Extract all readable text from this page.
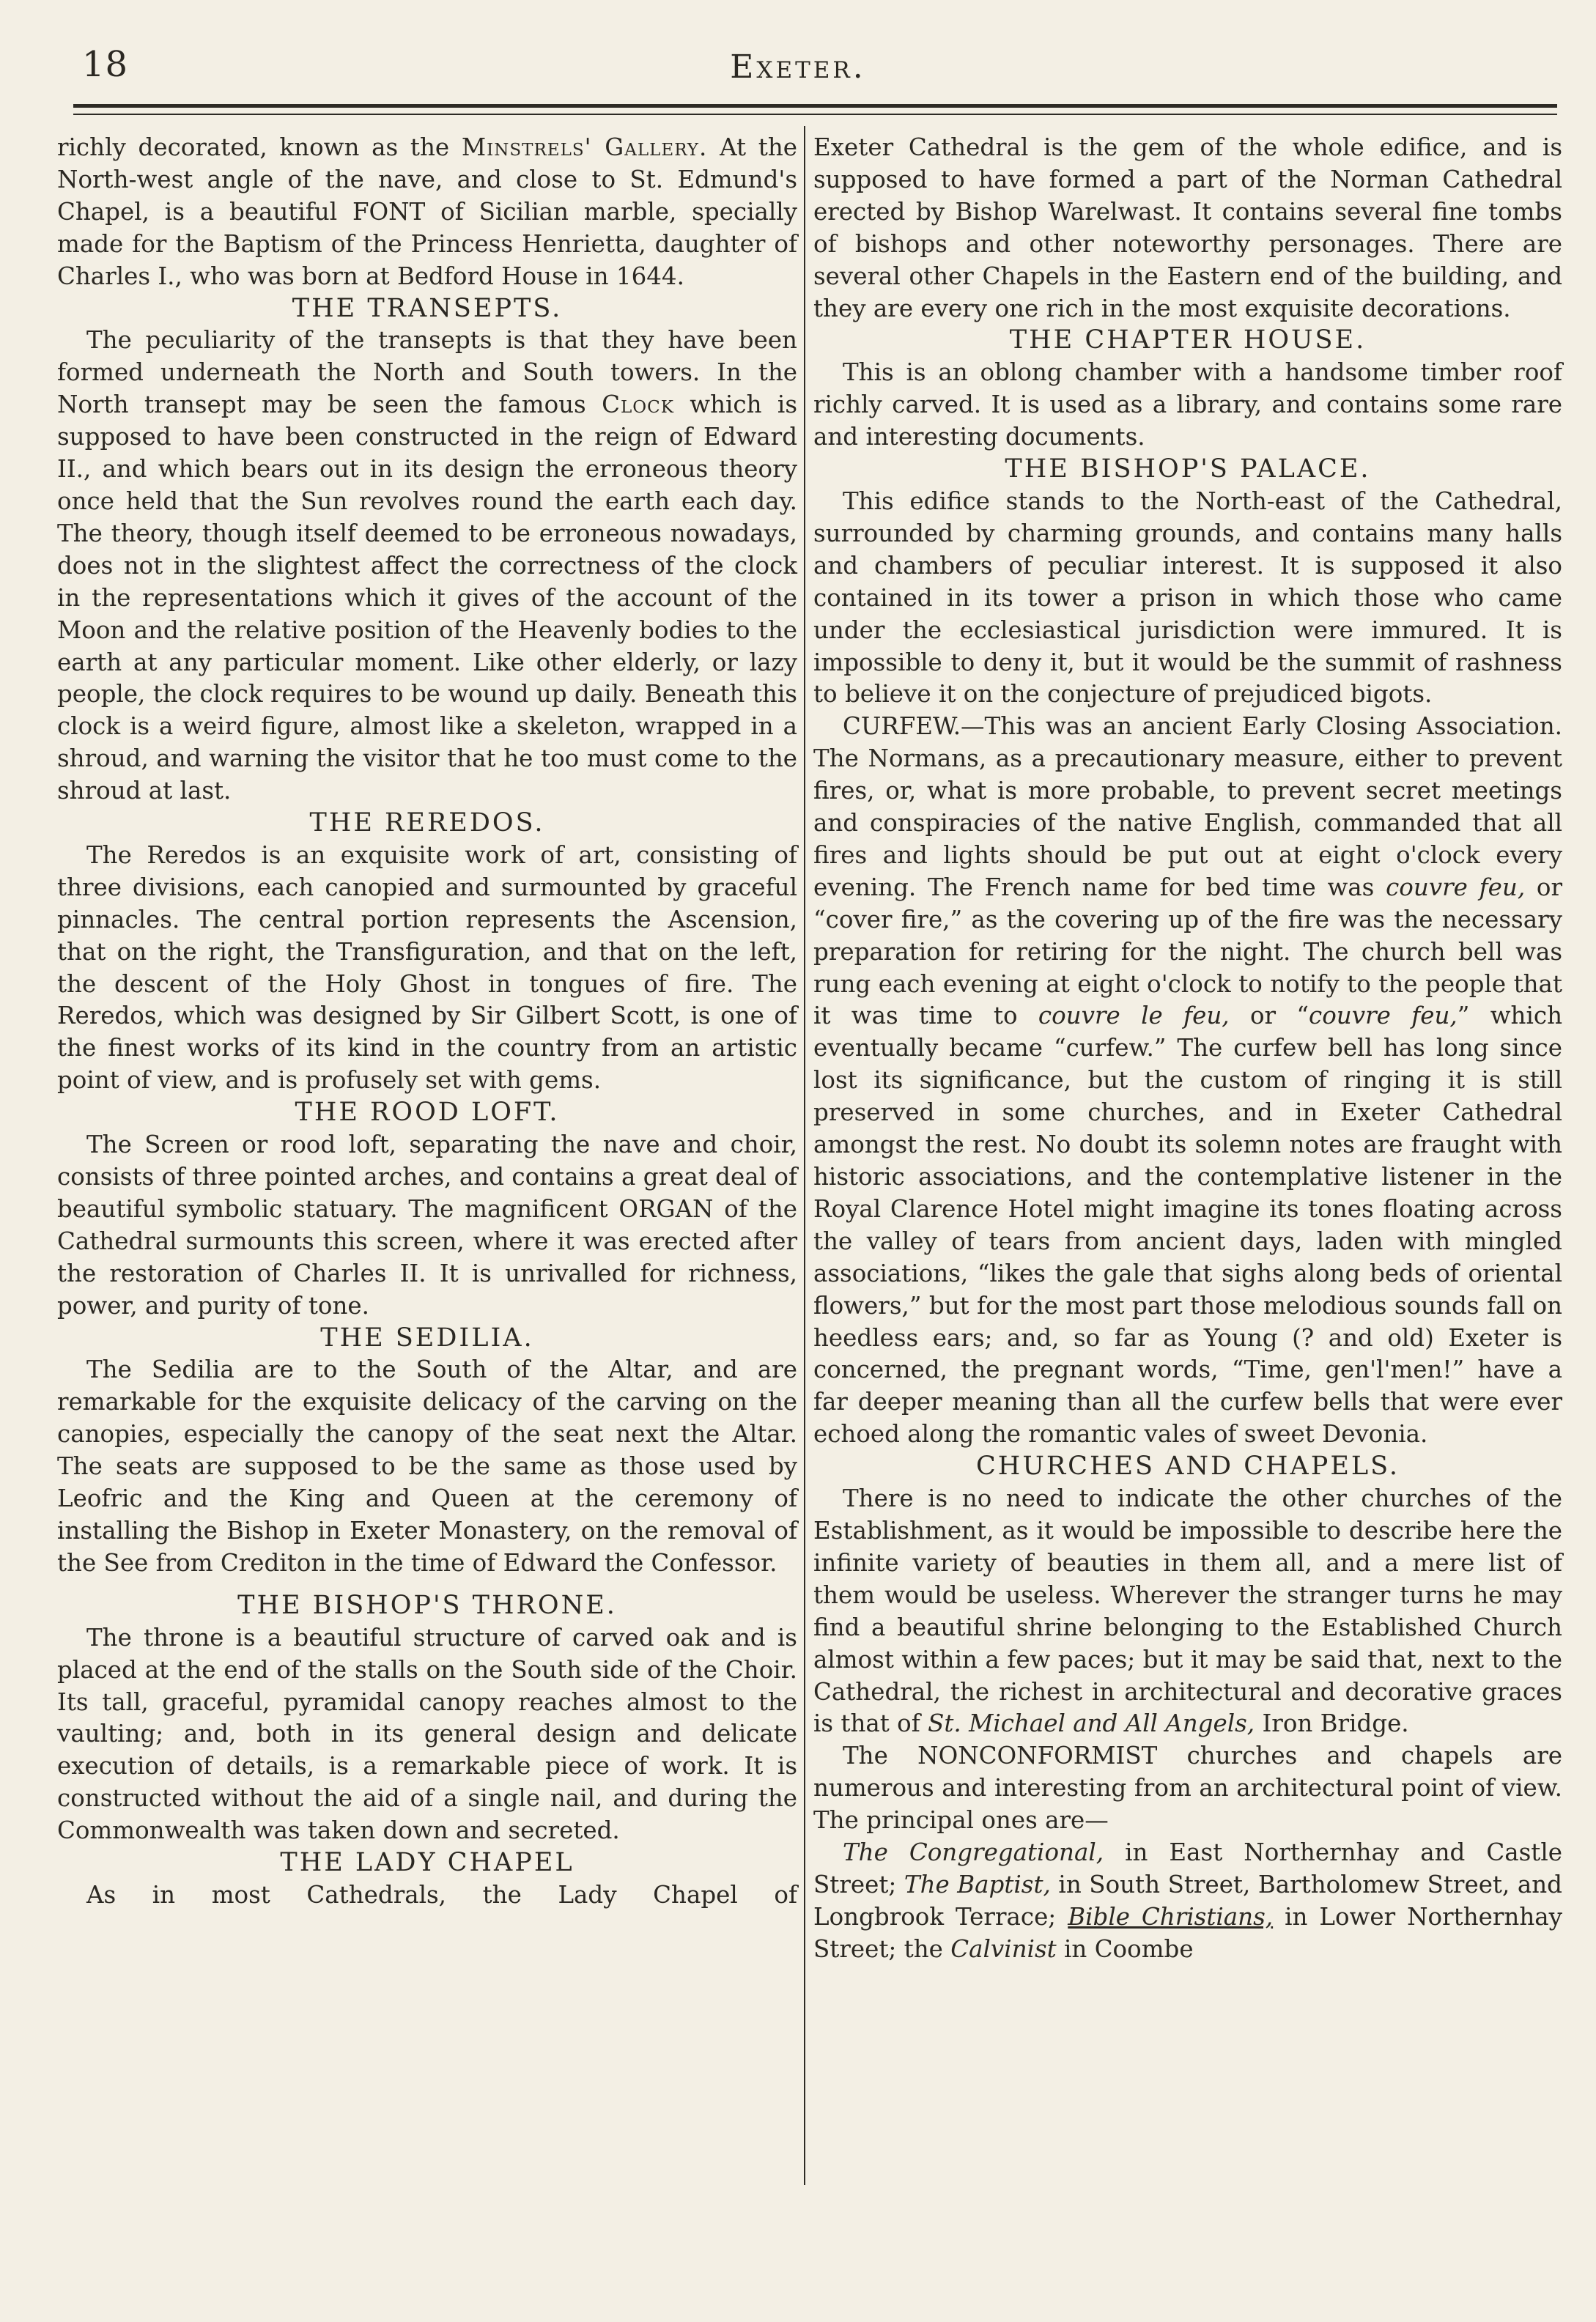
18	Exeter.

richly decorated, known as the Minstrels' Gallery. At the North-west angle of the nave, and close to St. Edmund's Chapel, is a beautiful FONT of Sicilian marble, specially made for the Baptism of the Princess Henrietta, daughter of Charles I., who was born at Bedford House in 1644.

THE TRANSEPTS.

The peculiarity of the transepts is that they have been formed underneath the North and South towers. In the North transept may be seen the famous Clock which is supposed to have been constructed in the reign of Edward II., and which bears out in its design the erroneous theory once held that the Sun revolves round the earth each day. The theory, though itself deemed to be erroneous nowadays, does not in the slightest affect the correctness of the clock in the representations which it gives of the account of the Moon and the relative position of the Heavenly bodies to the earth at any particular moment. Like other elderly, or lazy people, the clock requires to be wound up daily. Beneath this clock is a weird figure, almost like a skeleton, wrapped in a shroud, and warning the visitor that he too must come to the shroud at last.

THE REREDOS.

The Reredos is an exquisite work of art, consisting of three divisions, each canopied and surmounted by graceful pinnacles. The central portion represents the Ascension, that on the right, the Transfiguration, and that on the left, the descent of the Holy Ghost in tongues of fire. The Reredos, which was designed by Sir Gilbert Scott, is one of the finest works of its kind in the country from an artistic point of view, and is profusely set with gems.

THE ROOD LOFT.

The Screen or rood loft, separating the nave and choir, consists of three pointed arches, and contains a great deal of beautiful symbolic statuary. The magnificent ORGAN of the Cathedral surmounts this screen, where it was erected after the restoration of Charles II. It is unrivalled for richness, power, and purity of tone.

THE SEDILIA.

The Sedilia are to the South of the Altar, and are remarkable for the exquisite delicacy of the carving on the canopies, especially the canopy of the seat next the Altar. The seats are supposed to be the same as those used by Leofric and the King and Queen at the ceremony of installing the Bishop in Exeter Monastery, on the removal of the See from Crediton in the time of Edward the Confessor.

THE BISHOP'S THRONE.

The throne is a beautiful structure of carved oak and is placed at the end of the stalls on the South side of the Choir. Its tall, graceful, pyramidal canopy reaches almost to the vaulting; and, both in its general design and delicate execution of details, is a remarkable piece of work. It is constructed without the aid of a single nail, and during the Commonwealth was taken down and secreted.

THE LADY CHAPEL

As in most Cathedrals, the Lady Chapel of

Exeter Cathedral is the gem of the whole edifice, and is supposed to have formed a part of the Norman Cathedral erected by Bishop Warelwast. It contains several fine tombs of bishops and other noteworthy personages. There are several other Chapels in the Eastern end of the building, and they are every one rich in the most exquisite decorations.

THE CHAPTER HOUSE.

This is an oblong chamber with a handsome timber roof richly carved. It is used as a library, and contains some rare and interesting documents.

THE BISHOP'S PALACE.

This edifice stands to the North-east of the Cathedral, surrounded by charming grounds, and contains many halls and chambers of peculiar interest. It is supposed it also contained in its tower a prison in which those who came under the ecclesiastical jurisdiction were immured. It is impossible to deny it, but it would be the summit of rashness to believe it on the conjecture of prejudiced bigots.

CURFEW.—This was an ancient Early Closing Association. The Normans, as a precautionary measure, either to prevent fires, or, what is more probable, to prevent secret meetings and conspiracies of the native English, commanded that all fires and lights should be put out at eight o'clock every evening. The French name for bed time was couvre feu, or “cover fire,” as the covering up of the fire was the necessary preparation for retiring for the night. The church bell was rung each evening at eight o'clock to notify to the people that it was time to couvre le feu, or “couvre feu,” which eventually became “curfew.” The curfew bell has long since lost its significance, but the custom of ringing it is still preserved in some churches, and in Exeter Cathedral amongst the rest. No doubt its solemn notes are fraught with historic associations, and the contemplative listener in the Royal Clarence Hotel might imagine its tones floating across the valley of tears from ancient days, laden with mingled associations, “likes the gale that sighs along beds of oriental flowers,” but for the most part those melodious sounds fall on heedless ears; and, so far as Young (? and old) Exeter is concerned, the pregnant words, “Time, gen'l'men!” have a far deeper meaning than all the curfew bells that were ever echoed along the romantic vales of sweet Devonia.

CHURCHES AND CHAPELS.

There is no need to indicate the other churches of the Establishment, as it would be impossible to describe here the infinite variety of beauties in them all, and a mere list of them would be useless. Wherever the stranger turns he may find a beautiful shrine belonging to the Established Church almost within a few paces; but it may be said that, next to the Cathedral, the richest in architectural and decorative graces is that of St. Michael and All Angels, Iron Bridge.

The NONCONFORMIST churches and chapels are numerous and interesting from an architectural point of view. The principal ones are—

The Congregational, in East Northernhay and Castle Street; The Baptist, in South Street, Bartholomew Street, and Longbrook Terrace; Bible Christians, in Lower Northernhay Street; the Calvinist in Coombe
